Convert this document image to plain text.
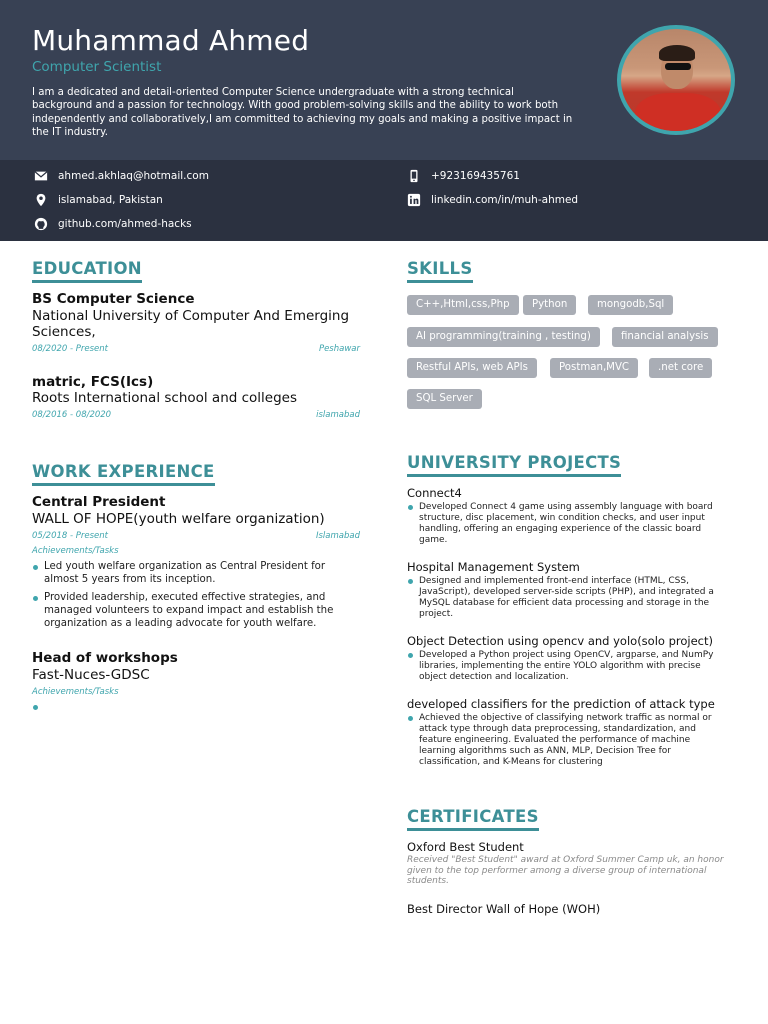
Muhammad Ahmed
Computer Scientist
I am a dedicated and detail-oriented Computer Science undergraduate with a strong technical background and a passion for technology. With good problem-solving skills and the ability to work both independently and collaboratively,I am committed to achieving my goals and making a positive impact in the IT industry.
ahmed.akhlaq@hotmail.com	+923169435761
islamabad, Pakistan	linkedin.com/in/muh-ahmed
github.com/ahmed-hacks
EDUCATION
BS Computer Science
National University of Computer And Emerging Sciences,
08/2020 - Present	Peshawar
matric, FCS(Ics)
Roots International school and colleges
08/2016 - 08/2020	islamabad
WORK EXPERIENCE
Central President
WALL OF HOPE(youth welfare organization)
05/2018 - Present	Islamabad
Achievements/Tasks
Led youth welfare organization as Central President for almost 5 years from its inception.
Provided leadership, executed effective strategies, and managed volunteers to expand impact and establish the organization as a leading advocate for youth welfare.
Head of workshops
Fast-Nuces-GDSC
Achievements/Tasks
SKILLS
C++,Html,css,Php	Python	mongodb,Sql
AI programming(training , testing)	financial analysis
Restful APIs, web APIs	Postman,MVC	.net core
SQL Server
UNIVERSITY PROJECTS
Connect4
Developed Connect 4 game using assembly language with board structure, disc placement, win condition checks, and user input handling, offering an engaging experience of the classic board game.
Hospital Management System
Designed and implemented front-end interface (HTML, CSS, JavaScript), developed server-side scripts (PHP), and integrated a MySQL database for efficient data processing and storage in the project.
Object Detection using opencv and yolo(solo project)
Developed a Python project using OpenCV, argparse, and NumPy libraries, implementing the entire YOLO algorithm with precise object detection and localization.
developed classifiers for the prediction of attack type
Achieved the objective of classifying network traffic as normal or attack type through data preprocessing, standardization, and feature engineering. Evaluated the performance of machine learning algorithms such as ANN, MLP, Decision Tree for classification, and K-Means for clustering
CERTIFICATES
Oxford Best Student
Received "Best Student" award at Oxford Summer Camp uk, an honor given to the top performer among a diverse group of international students.
Best Director Wall of Hope (WOH)
